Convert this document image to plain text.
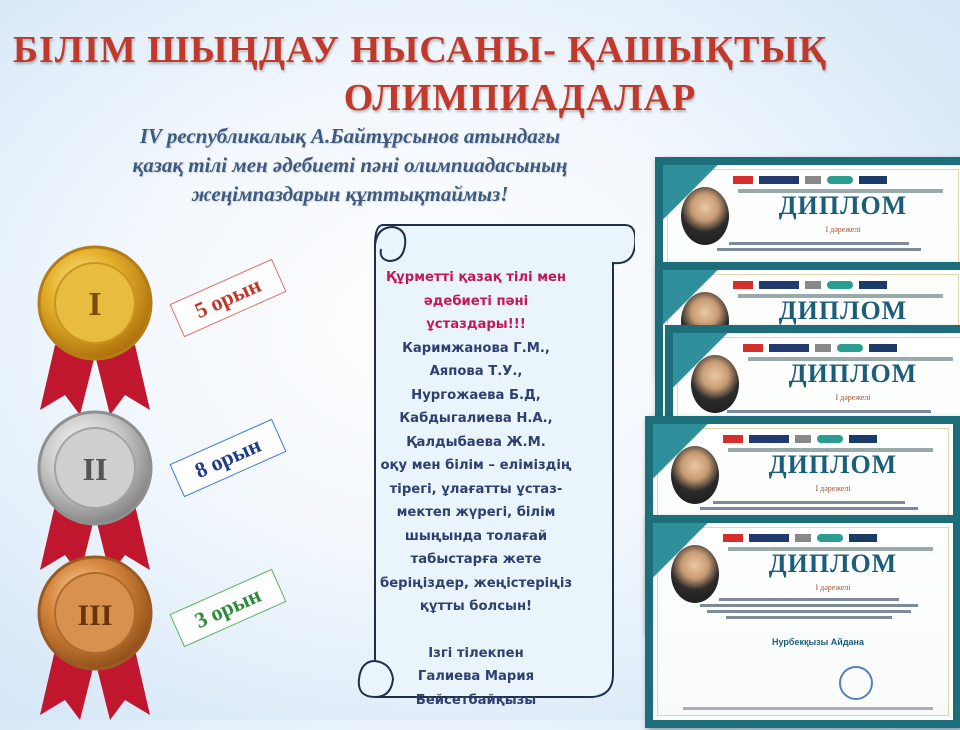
БІЛІМ ШЫҢДАУ НЫСАНЫ- ҚАШЫҚТЫҚ
ОЛИМПИАДАЛАР
IV республикалық А.Байтұрсынов атындағы
қазақ тілі мен әдебиеті пәні олимпиадасының
жеңімпаздарын құттықтаймыз!
I	5 орын
II	8 орын
III	3 орын
Құрметті қазақ тілі мен
әдебиеті пәні
ұстаздары!!!
Каримжанова Г.М.,
Аяпова Т.У.,
Нургожаева Б.Д,
Кабдыгалиева Н.А.,
Қалдыбаева Ж.М.
оқу мен білім – еліміздің
тірегі, ұлағатты ұстаз-
мектеп жүрегі, білім
шыңында толағай
табыстарға жете
беріңіздер, жеңістеріңіз
құтты болсын!
Ізгі тілекпен
Галиева Мария
Бейсетбайқызы
ДИПЛОМ
І дәрежелі
ДИПЛОМ
ДИПЛОМ
І дәрежелі
ДИПЛОМ
І дәрежелі
ДИПЛОМ
І дәрежелі
Нурбекқызы Айдана
